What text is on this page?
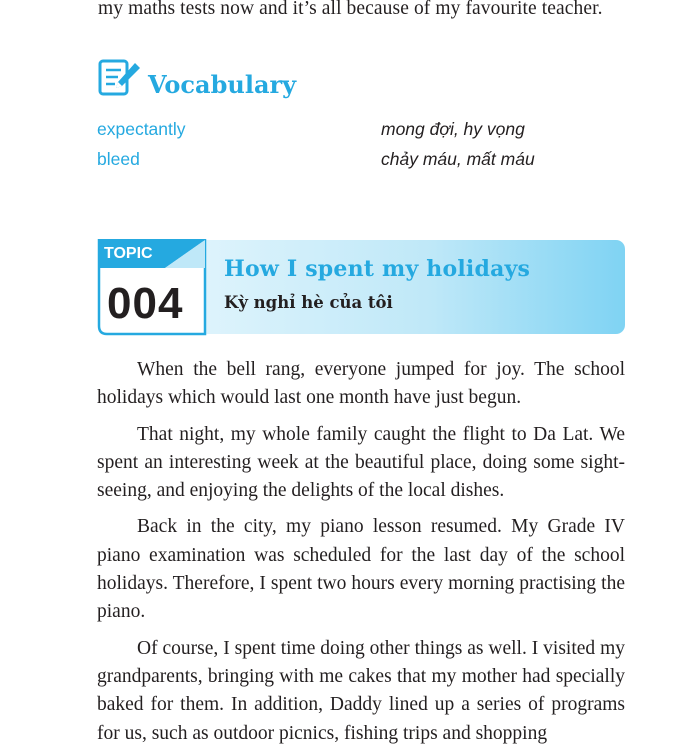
my maths tests now and it’s all because of my favourite teacher.
Vocabulary
expectantly	mong đợi, hy vọng
bleed	chảy máu, mất máu
TOPIC
004
How I spent my holidays
Kỳ nghỉ hè của tôi

When the bell rang, everyone jumped for joy. The school holidays which would last one month have just begun.

That night, my whole family caught the flight to Da Lat. We spent an interesting week at the beautiful place, doing some sightseeing, and enjoying the delights of the local dishes.

Back in the city, my piano lesson resumed. My Grade IV piano examination was scheduled for the last day of the school holidays. Therefore, I spent two hours every morning practising the piano.

Of course, I spent time doing other things as well. I visited my grandparents, bringing with me cakes that my mother had specially baked for them. In addition, Daddy lined up a series of programs for us, such as outdoor picnics, fishing trips and shopping
